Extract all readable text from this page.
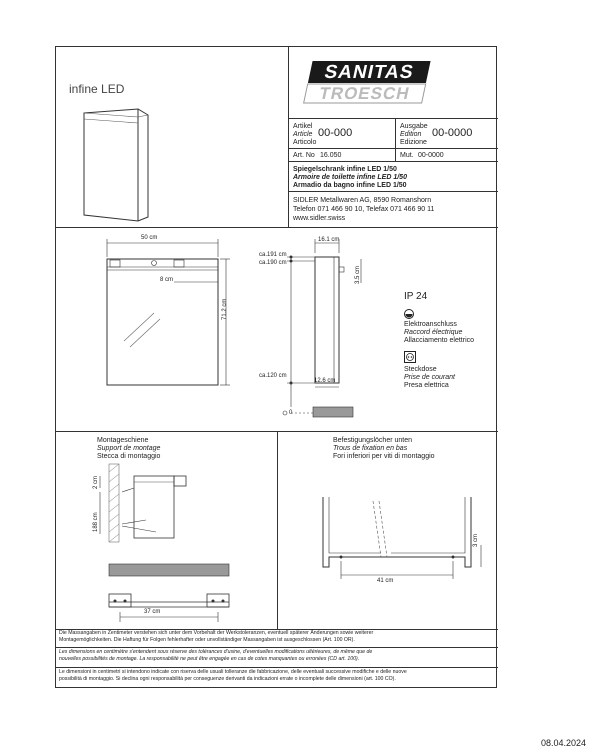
infine LED
SANITAS
TROESCH
Artikel
Article
Articolo
00-000
Ausgabe
Edition
Edizione
00-0000
Art. No 16.050	Mut. 00-0000
Spiegelschrank infine LED 1/50
Armoire de toilette infine LED 1/50
Armadio da bagno infine LED 1/50
SIDLER Metallwaren AG, 8590 Romanshorn
Telefon 071 466 90 10, Telefax 071 466 90 11
www.sidler.swiss
50 cm
8 cm
71.2 cm
16.1 cm
ca.191 cm
ca.190 cm
3.5 cm
ca.120 cm
12.6 cm
0
IP 24
Elektroanschluss
Raccord électrique
Allacciamento elettrico
Steckdose
Prise de courant
Presa elettrica
Montageschiene
Support de montage
Stecca di montaggio
2 cm
188 cm
37 cm
Befestigungslöcher unten
Trous de fixation en bas
Fori inferiori per viti di montaggio
3 cm
41 cm
Die Massangaben in Zentimeter verstehen sich unter dem Vorbehalt der Werkstoleranzen, eventuell späterer Änderungen sowie weiterer
Montagemöglichkeiten. Die Haftung für Folgen fehlerhafter oder unvollständiger Massangaben ist ausgeschlossen (Art. 100 OR).
Les dimensions en centimètre s'entendent sous réserve des tolérances d'usine, d'eventuelles modifications ultérieures, de même que de
nouvelles possibilités de montage. La responsabilité ne peut être engagée en cas de cotes manquantes ou erronées (CD art. 100).
Le dimensioni in centimetri si intendono indicate con riserva delle usuali tolleranze die fabbricazione, delle eventuali successive modifiche e delle nuove
possibilità di montaggio. Si declina ogni responsabilità per conseguenze derivanti da indicazioni errate o incomplete delle dimensioni (art. 100 CO).
08.04.2024
